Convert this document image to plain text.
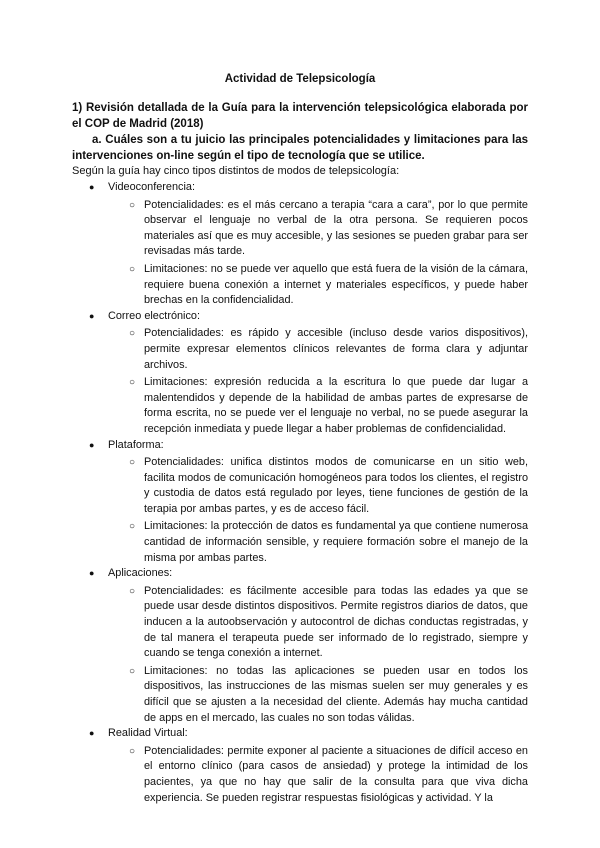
Actividad de Telepsicología
1) Revisión detallada de la Guía para la intervención telepsicológica elaborada por el COP de Madrid (2018)
a. Cuáles son a tu juicio las principales potencialidades y limitaciones para las intervenciones on-line según el tipo de tecnología que se utilice.
Según la guía hay cinco tipos distintos de modos de telepsicología:
● Videoconferencia:
○ Potencialidades: es el más cercano a terapia “cara a cara”, por lo que permite observar el lenguaje no verbal de la otra persona. Se requieren pocos materiales así que es muy accesible, y las sesiones se pueden grabar para ser revisadas más tarde.
○ Limitaciones: no se puede ver aquello que está fuera de la visión de la cámara, requiere buena conexión a internet y materiales específicos, y puede haber brechas en la confidencialidad.
● Correo electrónico:
○ Potencialidades: es rápido y accesible (incluso desde varios dispositivos), permite expresar elementos clínicos relevantes de forma clara y adjuntar archivos.
○ Limitaciones: expresión reducida a la escritura lo que puede dar lugar a malentendidos y depende de la habilidad de ambas partes de expresarse de forma escrita, no se puede ver el lenguaje no verbal, no se puede asegurar la recepción inmediata y puede llegar a haber problemas de confidencialidad.
● Plataforma:
○ Potencialidades: unifica distintos modos de comunicarse en un sitio web, facilita modos de comunicación homogéneos para todos los clientes, el registro y custodia de datos está regulado por leyes, tiene funciones de gestión de la terapia por ambas partes, y es de acceso fácil.
○ Limitaciones: la protección de datos es fundamental ya que contiene numerosa cantidad de información sensible, y requiere formación sobre el manejo de la misma por ambas partes.
● Aplicaciones:
○ Potencialidades: es fácilmente accesible para todas las edades ya que se puede usar desde distintos dispositivos. Permite registros diarios de datos, que inducen a la autoobservación y autocontrol de dichas conductas registradas, y de tal manera el terapeuta puede ser informado de lo registrado, siempre y cuando se tenga conexión a internet.
○ Limitaciones: no todas las aplicaciones se pueden usar en todos los dispositivos, las instrucciones de las mismas suelen ser muy generales y es difícil que se ajusten a la necesidad del cliente. Además hay mucha cantidad de apps en el mercado, las cuales no son todas válidas.
● Realidad Virtual:
○ Potencialidades: permite exponer al paciente a situaciones de difícil acceso en el entorno clínico (para casos de ansiedad) y protege la intimidad de los pacientes, ya que no hay que salir de la consulta para que viva dicha experiencia. Se pueden registrar respuestas fisiológicas y actividad. Y la
